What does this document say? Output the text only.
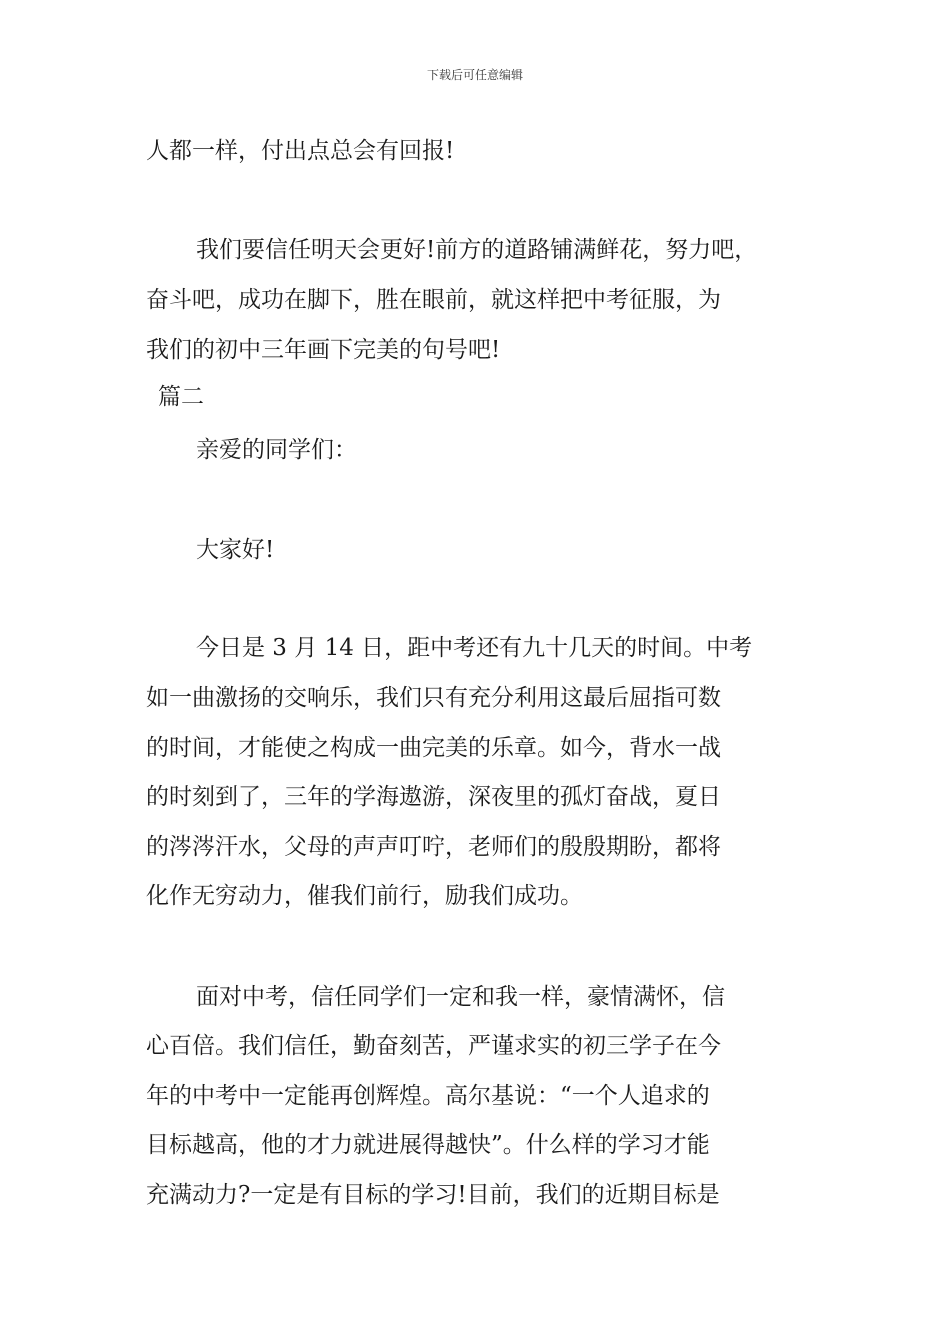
下载后可任意编辑
人都一样，付出点总会有回报!
我们要信任明天会更好!前方的道路铺满鲜花，努力吧，
奋斗吧，成功在脚下，胜在眼前，就这样把中考征服，为
我们的初中三年画下完美的句号吧!
篇二
亲爱的同学们：
大家好!
今日是 3 月 14 日，距中考还有九十几天的时间。中考
如一曲激扬的交响乐，我们只有充分利用这最后屈指可数
的时间，才能使之构成一曲完美的乐章。如今，背水一战
的时刻到了，三年的学海遨游，深夜里的孤灯奋战，夏日
的涔涔汗水，父母的声声叮咛，老师们的殷殷期盼，都将
化作无穷动力，催我们前行，励我们成功。
面对中考，信任同学们一定和我一样，豪情满怀，信
心百倍。我们信任，勤奋刻苦，严谨求实的初三学子在今
年的中考中一定能再创辉煌。高尔基说：“一个人追求的
目标越高，他的才力就进展得越快”。什么样的学习才能
充满动力?一定是有目标的学习!目前，我们的近期目标是
